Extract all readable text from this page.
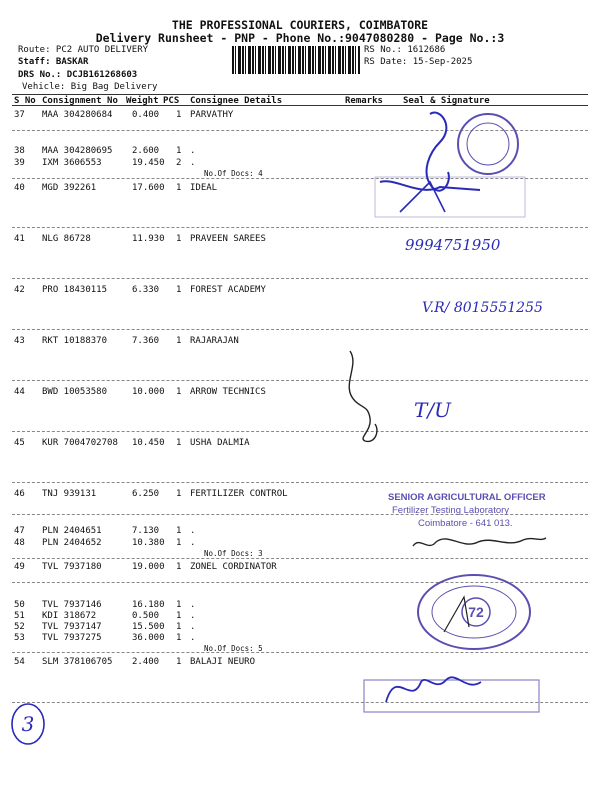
THE PROFESSIONAL COURIERS, COIMBATORE
Delivery Runsheet - PNP - Phone No.:9047080280 - Page No.:3
Route: PC2 AUTO DELIVERY
Staff: BASKAR
DRS No.: DCJB161268603
Vehicle: Big Bag Delivery
RS No.: 1612686
RS Date: 15-Sep-2025
S No Consignment No Weight PCS Consignee Details	Remarks Seal & Signature
37 MAA 304280684 0.400 1 PARVATHY
38 MAA 304280695 2.600 1 .
39 IXM 3606553	19.450 2 .
No.Of Docs: 4
40 MGD 392261	17.600 1 IDEAL
41 NLG 86728	11.930 1 PRAVEEN SAREES
42 PRO 18430115	6.330 1 FOREST ACADEMY
43 RKT 10188370	7.360 1 RAJARAJAN
44 BWD 10053580	10.000 1 ARROW TECHNICS
45 KUR 7004702708 10.450 1 USHA DALMIA
46 TNJ 939131	6.250 1 FERTILIZER CONTROL
47 PLN 2404651	7.130 1 .
48 PLN 2404652	10.380 1 .
No.Of Docs: 3
49 TVL 7937180	19.000 1 ZONEL CORDINATOR
50 TVL 7937146	16.180 1 .
51 KDI 318672	0.500 1 .
52 TVL 7937147	15.500 1 .
53 TVL 7937275	36.000 1 .
No.Of Docs: 5
54 SLM 378106705 2.400 1 BALAJI NEURO
9994751950
V.R/ 8015551255
T/U
SENIOR AGRICULTURAL OFFICER
Fertilizer Testing Laboratory
Coimbatore - 641 013.
72
3
